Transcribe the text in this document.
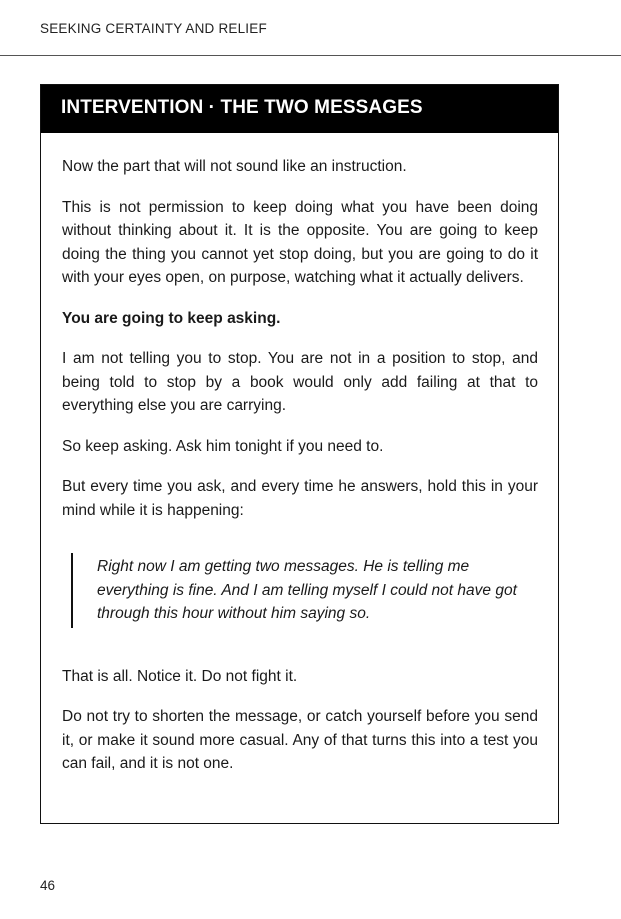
SEEKING CERTAINTY AND RELIEF
INTERVENTION · THE TWO MESSAGES

Now the part that will not sound like an instruction.

This is not permission to keep doing what you have been doing without thinking about it. It is the opposite. You are going to keep doing the thing you cannot yet stop doing, but you are going to do it with your eyes open, on purpose, watching what it actually delivers.

You are going to keep asking.

I am not telling you to stop. You are not in a position to stop, and being told to stop by a book would only add failing at that to everything else you are carrying.

So keep asking. Ask him tonight if you need to.

But every time you ask, and every time he answers, hold this in your mind while it is happening:

Right now I am getting two messages. He is telling me everything is fine. And I am telling myself I could not have got through this hour without him saying so.

That is all. Notice it. Do not fight it.

Do not try to shorten the message, or catch yourself before you send it, or make it sound more casual. Any of that turns this into a test you can fail, and it is not one.

46
